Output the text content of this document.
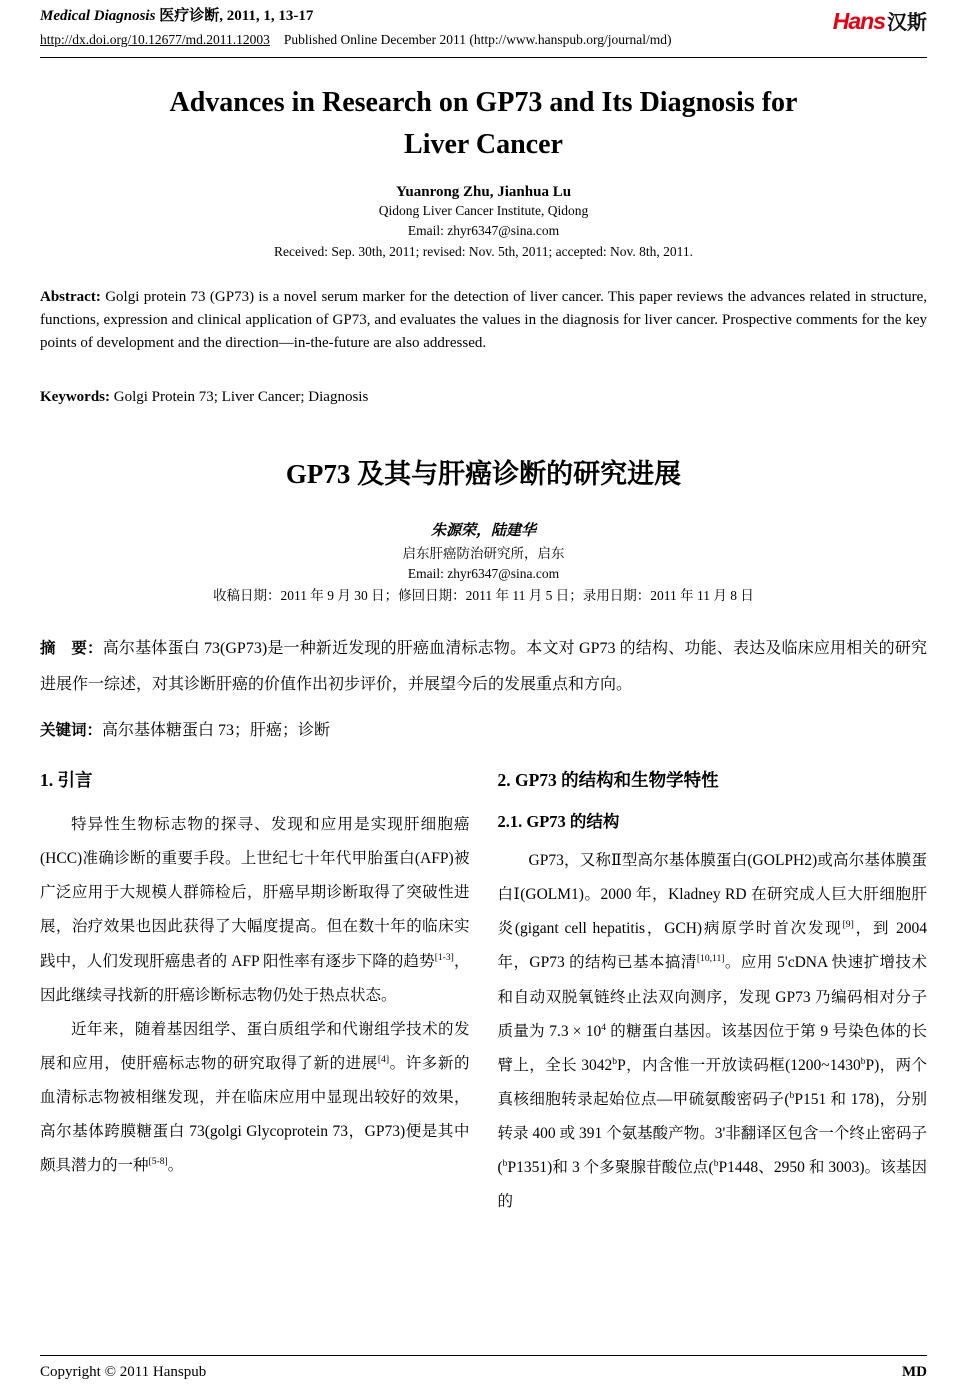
Medical Diagnosis 医疗诊断, 2011, 1, 13-17
http://dx.doi.org/10.12677/md.2011.12003 Published Online December 2011 (http://www.hanspub.org/journal/md)
Hans 汉斯
Advances in Research on GP73 and Its Diagnosis for
Liver Cancer
Yuanrong Zhu, Jianhua Lu
Qidong Liver Cancer Institute, Qidong
Email: zhyr6347@sina.com
Received: Sep. 30th, 2011; revised: Nov. 5th, 2011; accepted: Nov. 8th, 2011.

Abstract: Golgi protein 73 (GP73) is a novel serum marker for the detection of liver cancer. This paper reviews the advances related in structure, functions, expression and clinical application of GP73, and evaluates the values in the diagnosis for liver cancer. Prospective comments for the key points of development and the direction—in-the-future are also addressed.

Keywords: Golgi Protein 73; Liver Cancer; Diagnosis

GP73 及其与肝癌诊断的研究进展
朱源荣，陆建华
启东肝癌防治研究所，启东
Email: zhyr6347@sina.com
收稿日期：2011 年 9 月 30 日；修回日期：2011 年 11 月 5 日；录用日期：2011 年 11 月 8 日

摘　要：高尔基体蛋白 73(GP73)是一种新近发现的肝癌血清标志物。本文对 GP73 的结构、功能、表达及临床应用相关的研究进展作一综述，对其诊断肝癌的价值作出初步评价，并展望今后的发展重点和方向。

关键词：高尔基体糖蛋白 73；肝癌；诊断

1. 引言

特异性生物标志物的探寻、发现和应用是实现肝细胞癌(HCC)准确诊断的重要手段。上世纪七十年代甲胎蛋白(AFP)被广泛应用于大规模人群筛检后，肝癌早期诊断取得了突破性进展，治疗效果也因此获得了大幅度提高。但在数十年的临床实践中，人们发现肝癌患者的 AFP 阳性率有逐步下降的趋势[1-3]，因此继续寻找新的肝癌诊断标志物仍处于热点状态。

近年来，随着基因组学、蛋白质组学和代谢组学技术的发展和应用，使肝癌标志物的研究取得了新的进展[4]。许多新的血清标志物被相继发现，并在临床应用中显现出较好的效果，高尔基体跨膜糖蛋白 73(golgi Glycoprotein 73，GP73)便是其中颇具潜力的一种[5-8]。

2. GP73 的结构和生物学特性
2.1. GP73 的结构

GP73，又称Ⅱ型高尔基体膜蛋白(GOLPH2)或高尔基体膜蛋白Ⅰ(GOLM1)。2000 年，Kladney RD 在研究成人巨大肝细胞肝炎(gigant cell hepatitis，GCH)病原学时首次发现[9]，到 2004 年，GP73 的结构已基本搞清[10,11]。应用 5'cDNA 快速扩增技术和自动双脱氧链终止法双向测序，发现 GP73 乃编码相对分子质量为 $7.3 \times 10^4$ 的糖蛋白基因。该基因位于第 9 号染色体的长臂上，全长 3042$^b$P，内含惟一开放读码框(1200~1430$^b$P)，两个真核细胞转录起始位点—甲硫氨酸密码子($^b$P151 和 178)，分别转录 400 或 391 个氨基酸产物。3'非翻译区包含一个终止密码子($^b$P1351)和 3 个多聚腺苷酸位点($^b$P1448、2950 和 3003)。该基因的

Copyright © 2011 Hanspub	MD
